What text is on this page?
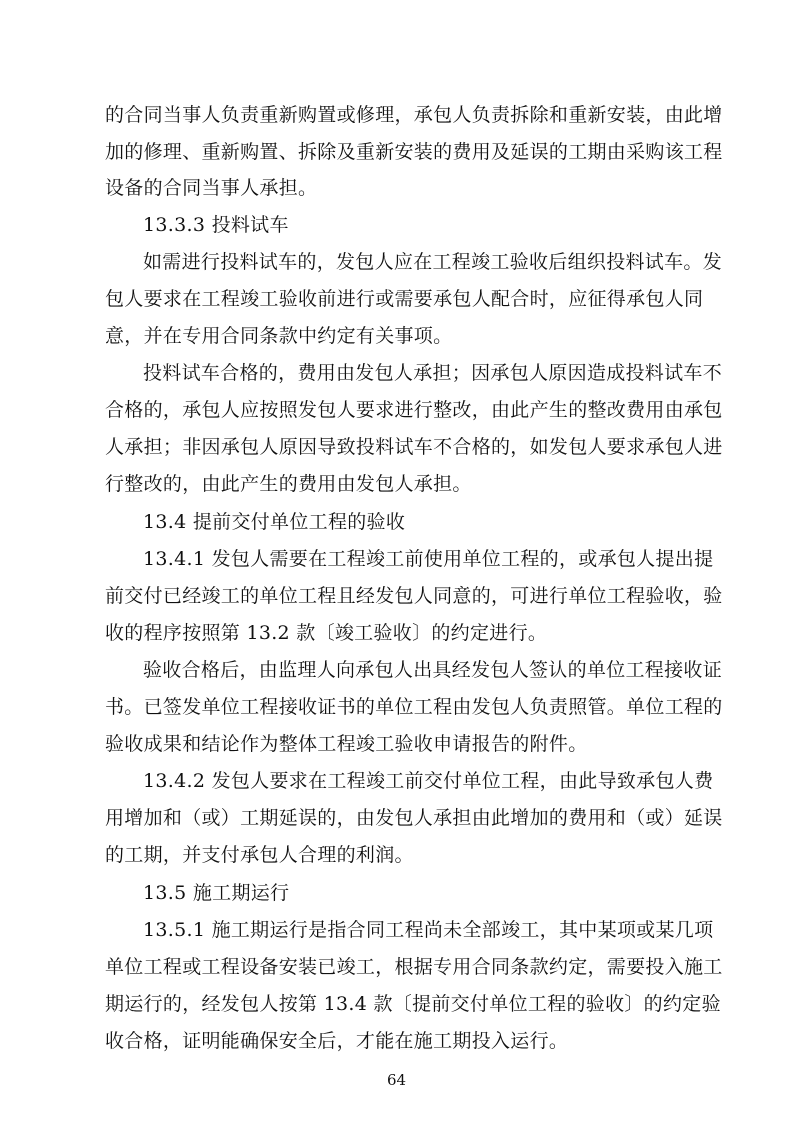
的合同当事人负责重新购置或修理，承包人负责拆除和重新安装，由此增
加的修理、重新购置、拆除及重新安装的费用及延误的工期由采购该工程
设备的合同当事人承担。
13.3.3 投料试车
如需进行投料试车的，发包人应在工程竣工验收后组织投料试车。发
包人要求在工程竣工验收前进行或需要承包人配合时，应征得承包人同
意，并在专用合同条款中约定有关事项。
投料试车合格的，费用由发包人承担；因承包人原因造成投料试车不
合格的，承包人应按照发包人要求进行整改，由此产生的整改费用由承包
人承担；非因承包人原因导致投料试车不合格的，如发包人要求承包人进
行整改的，由此产生的费用由发包人承担。
13.4 提前交付单位工程的验收
13.4.1 发包人需要在工程竣工前使用单位工程的，或承包人提出提
前交付已经竣工的单位工程且经发包人同意的，可进行单位工程验收，验
收的程序按照第 13.2 款〔竣工验收〕的约定进行。
验收合格后，由监理人向承包人出具经发包人签认的单位工程接收证
书。已签发单位工程接收证书的单位工程由发包人负责照管。单位工程的
验收成果和结论作为整体工程竣工验收申请报告的附件。
13.4.2 发包人要求在工程竣工前交付单位工程，由此导致承包人费
用增加和（或）工期延误的，由发包人承担由此增加的费用和（或）延误
的工期，并支付承包人合理的利润。
13.5 施工期运行
13.5.1 施工期运行是指合同工程尚未全部竣工，其中某项或某几项
单位工程或工程设备安装已竣工，根据专用合同条款约定，需要投入施工
期运行的，经发包人按第 13.4 款〔提前交付单位工程的验收〕的约定验
收合格，证明能确保安全后，才能在施工期投入运行。
64
